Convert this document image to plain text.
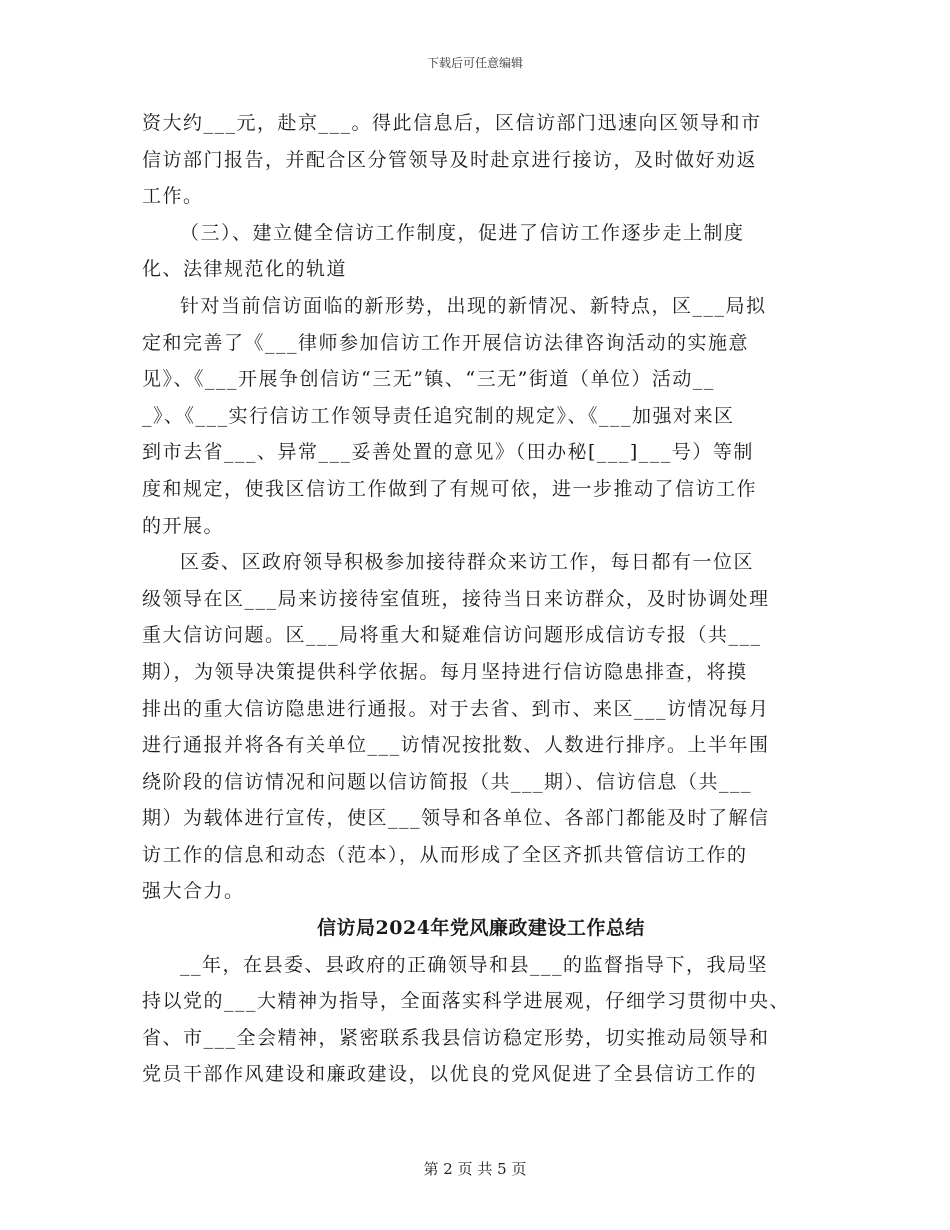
下载后可任意编辑
资大约___元，赴京___。得此信息后，区信访部门迅速向区领导和市
信访部门报告，并配合区分管领导及时赴京进行接访，及时做好劝返
工作。
（三）、建立健全信访工作制度，促进了信访工作逐步走上制度
化、法律规范化的轨道
针对当前信访面临的新形势，出现的新情况、新特点，区___局拟
定和完善了《___律师参加信访工作开展信访法律咨询活动的实施意
见》、《___开展争创信访“三无”镇、“三无”街道（单位）活动__
_》、《___实行信访工作领导责任追究制的规定》、《___加强对来区
到市去省___、异常___妥善处置的意见》（田办秘[___]___号）等制
度和规定，使我区信访工作做到了有规可依，进一步推动了信访工作
的开展。
区委、区政府领导积极参加接待群众来访工作，每日都有一位区
级领导在区___局来访接待室值班，接待当日来访群众，及时协调处理
重大信访问题。区___局将重大和疑难信访问题形成信访专报（共___
期），为领导决策提供科学依据。每月坚持进行信访隐患排查，将摸
排出的重大信访隐患进行通报。对于去省、到市、来区___访情况每月
进行通报并将各有关单位___访情况按批数、人数进行排序。上半年围
绕阶段的信访情况和问题以信访简报（共___期）、信访信息（共___
期）为载体进行宣传，使区___领导和各单位、各部门都能及时了解信
访工作的信息和动态（范本），从而形成了全区齐抓共管信访工作的
强大合力。
信访局2024年党风廉政建设工作总结
__年，在县委、县政府的正确领导和县___的监督指导下，我局坚
持以党的___大精神为指导，全面落实科学进展观，仔细学习贯彻中央、
省、市___全会精神，紧密联系我县信访稳定形势，切实推动局领导和
党员干部作风建设和廉政建设，以优良的党风促进了全县信访工作的
第 2 页 共 5 页
